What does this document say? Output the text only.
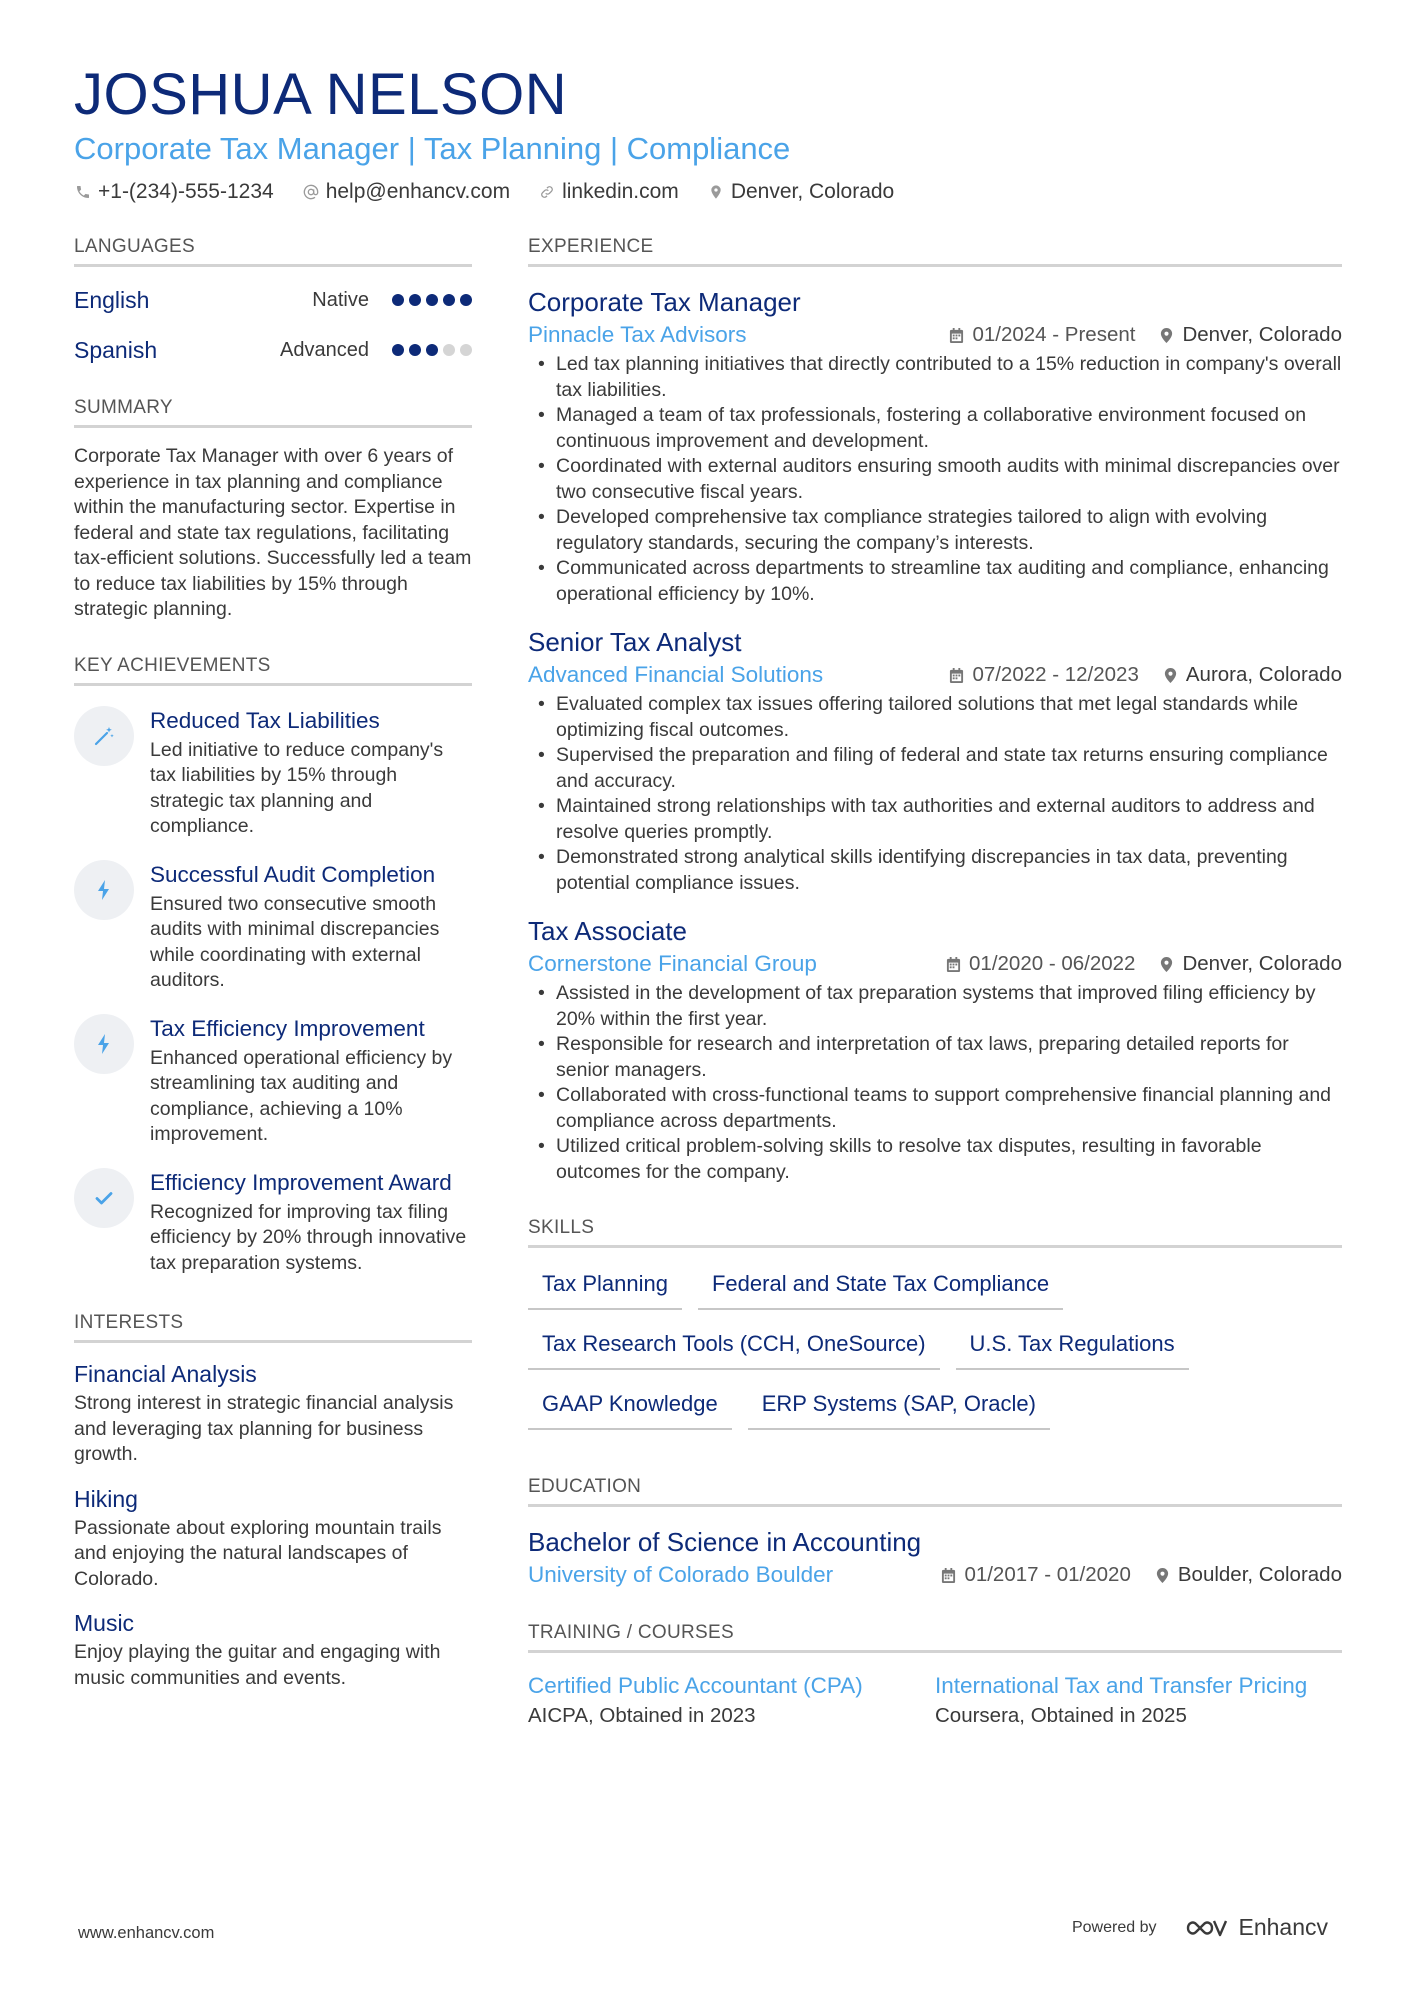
JOSHUA NELSON
Corporate Tax Manager | Tax Planning | Compliance
+1-(234)-555-1234 help@enhancv.com linkedin.com Denver, Colorado
LANGUAGES
English	Native
Spanish	Advanced
SUMMARY
Corporate Tax Manager with over 6 years of experience in tax planning and compliance within the manufacturing sector. Expertise in federal and state tax regulations, facilitating tax-efficient solutions. Successfully led a team to reduce tax liabilities by 15% through strategic planning.
KEY ACHIEVEMENTS
Reduced Tax Liabilities
Led initiative to reduce company's tax liabilities by 15% through strategic tax planning and compliance.
Successful Audit Completion
Ensured two consecutive smooth audits with minimal discrepancies while coordinating with external auditors.
Tax Efficiency Improvement
Enhanced operational efficiency by streamlining tax auditing and compliance, achieving a 10% improvement.
Efficiency Improvement Award
Recognized for improving tax filing efficiency by 20% through innovative tax preparation systems.
INTERESTS
Financial Analysis
Strong interest in strategic financial analysis and leveraging tax planning for business growth.
Hiking
Passionate about exploring mountain trails and enjoying the natural landscapes of Colorado.
Music
Enjoy playing the guitar and engaging with music communities and events.
EXPERIENCE
Corporate Tax Manager
Pinnacle Tax Advisors	01/2024 - Present Denver, Colorado
• Led tax planning initiatives that directly contributed to a 15% reduction in company's overall tax liabilities.
• Managed a team of tax professionals, fostering a collaborative environment focused on continuous improvement and development.
• Coordinated with external auditors ensuring smooth audits with minimal discrepancies over two consecutive fiscal years.
• Developed comprehensive tax compliance strategies tailored to align with evolving regulatory standards, securing the company’s interests.
• Communicated across departments to streamline tax auditing and compliance, enhancing operational efficiency by 10%.
Senior Tax Analyst
Advanced Financial Solutions	07/2022 - 12/2023 Aurora, Colorado
• Evaluated complex tax issues offering tailored solutions that met legal standards while optimizing fiscal outcomes.
• Supervised the preparation and filing of federal and state tax returns ensuring compliance and accuracy.
• Maintained strong relationships with tax authorities and external auditors to address and resolve queries promptly.
• Demonstrated strong analytical skills identifying discrepancies in tax data, preventing potential compliance issues.
Tax Associate
Cornerstone Financial Group	01/2020 - 06/2022 Denver, Colorado
• Assisted in the development of tax preparation systems that improved filing efficiency by 20% within the first year.
• Responsible for research and interpretation of tax laws, preparing detailed reports for senior managers.
• Collaborated with cross-functional teams to support comprehensive financial planning and compliance across departments.
• Utilized critical problem-solving skills to resolve tax disputes, resulting in favorable outcomes for the company.
SKILLS
Tax Planning	Federal and State Tax Compliance
Tax Research Tools (CCH, OneSource)	U.S. Tax Regulations
GAAP Knowledge	ERP Systems (SAP, Oracle)
EDUCATION
Bachelor of Science in Accounting
University of Colorado Boulder	01/2017 - 01/2020 Boulder, Colorado
TRAINING / COURSES
Certified Public Accountant (CPA)
AICPA, Obtained in 2023
International Tax and Transfer Pricing
Coursera, Obtained in 2025
www.enhancv.com	Powered by	Enhancv
